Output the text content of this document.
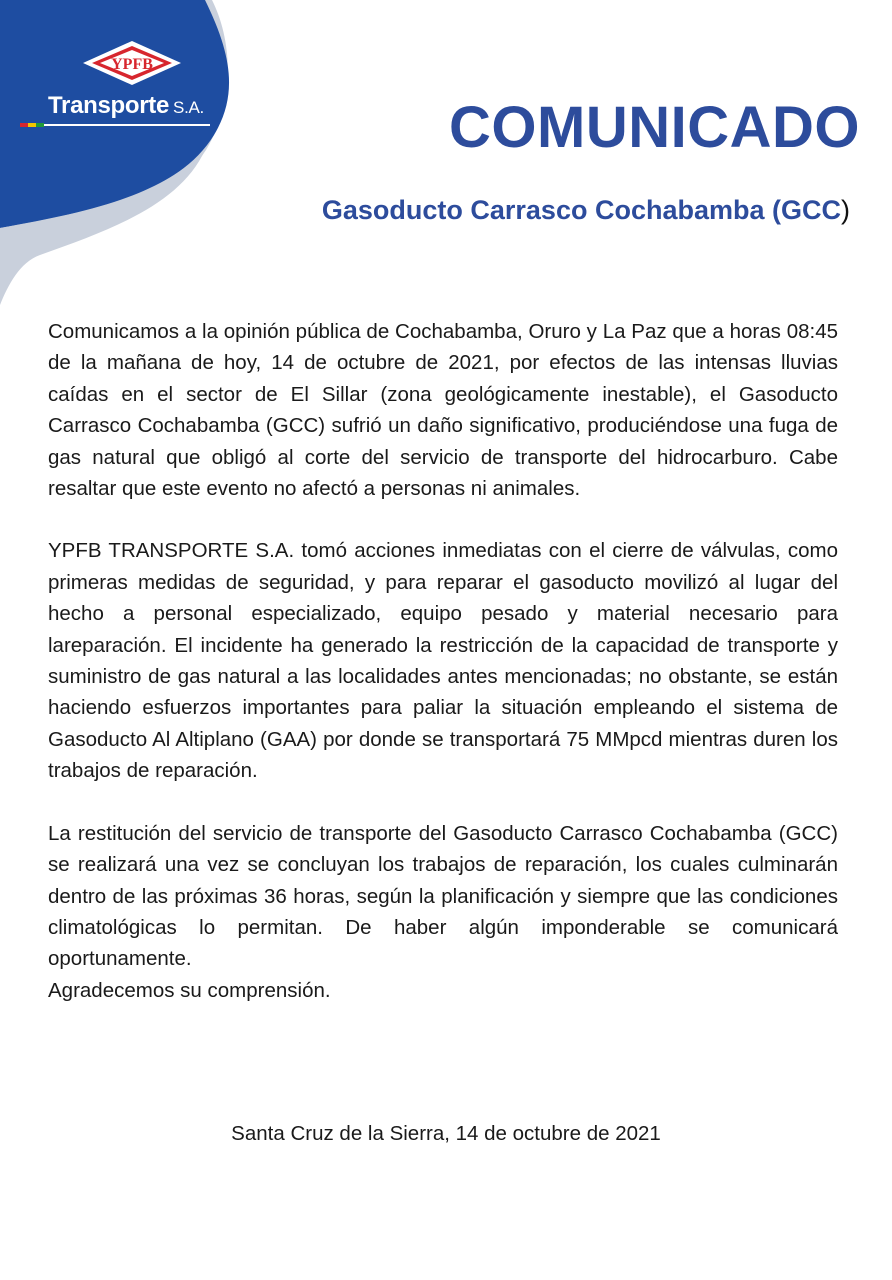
YPFB
Transporte S.A.	COMUNICADO
Gasoducto Carrasco Cochabamba (GCC)

Comunicamos a la opinión pública de Cochabamba, Oruro y La Paz que a horas 08:45 de la mañana de hoy, 14 de octubre de 2021, por efectos de las intensas lluvias caídas en el sector de El Sillar (zona geológicamente inestable), el Gasoducto Carrasco Cochabamba (GCC) sufrió un daño significativo, produciéndose una fuga de gas natural que obligó al corte del servicio de transporte del hidrocarburo. Cabe resaltar que este evento no afectó a personas ni animales.

YPFB TRANSPORTE S.A. tomó acciones inmediatas con el cierre de válvulas, como primeras medidas de seguridad, y para reparar el gasoducto movilizó al lugar del hecho a personal especializado, equipo pesado y material necesario para lareparación. El incidente ha generado la restricción de la capacidad de transporte y suministro de gas natural a las localidades antes mencionadas; no obstante, se están haciendo esfuerzos importantes para paliar la situación empleando el sistema de Gasoducto Al Altiplano (GAA) por donde se transportará 75 MMpcd mientras duren los trabajos de reparación.

La restitución del servicio de transporte del Gasoducto Carrasco Cochabamba (GCC) se realizará una vez se concluyan los trabajos de reparación, los cuales culminarán dentro de las próximas 36 horas, según la planificación y siempre que las condiciones climatológicas lo permitan. De haber algún imponderable se comunicará oportunamente.

Agradecemos su comprensión.

Santa Cruz de la Sierra, 14 de octubre de 2021
